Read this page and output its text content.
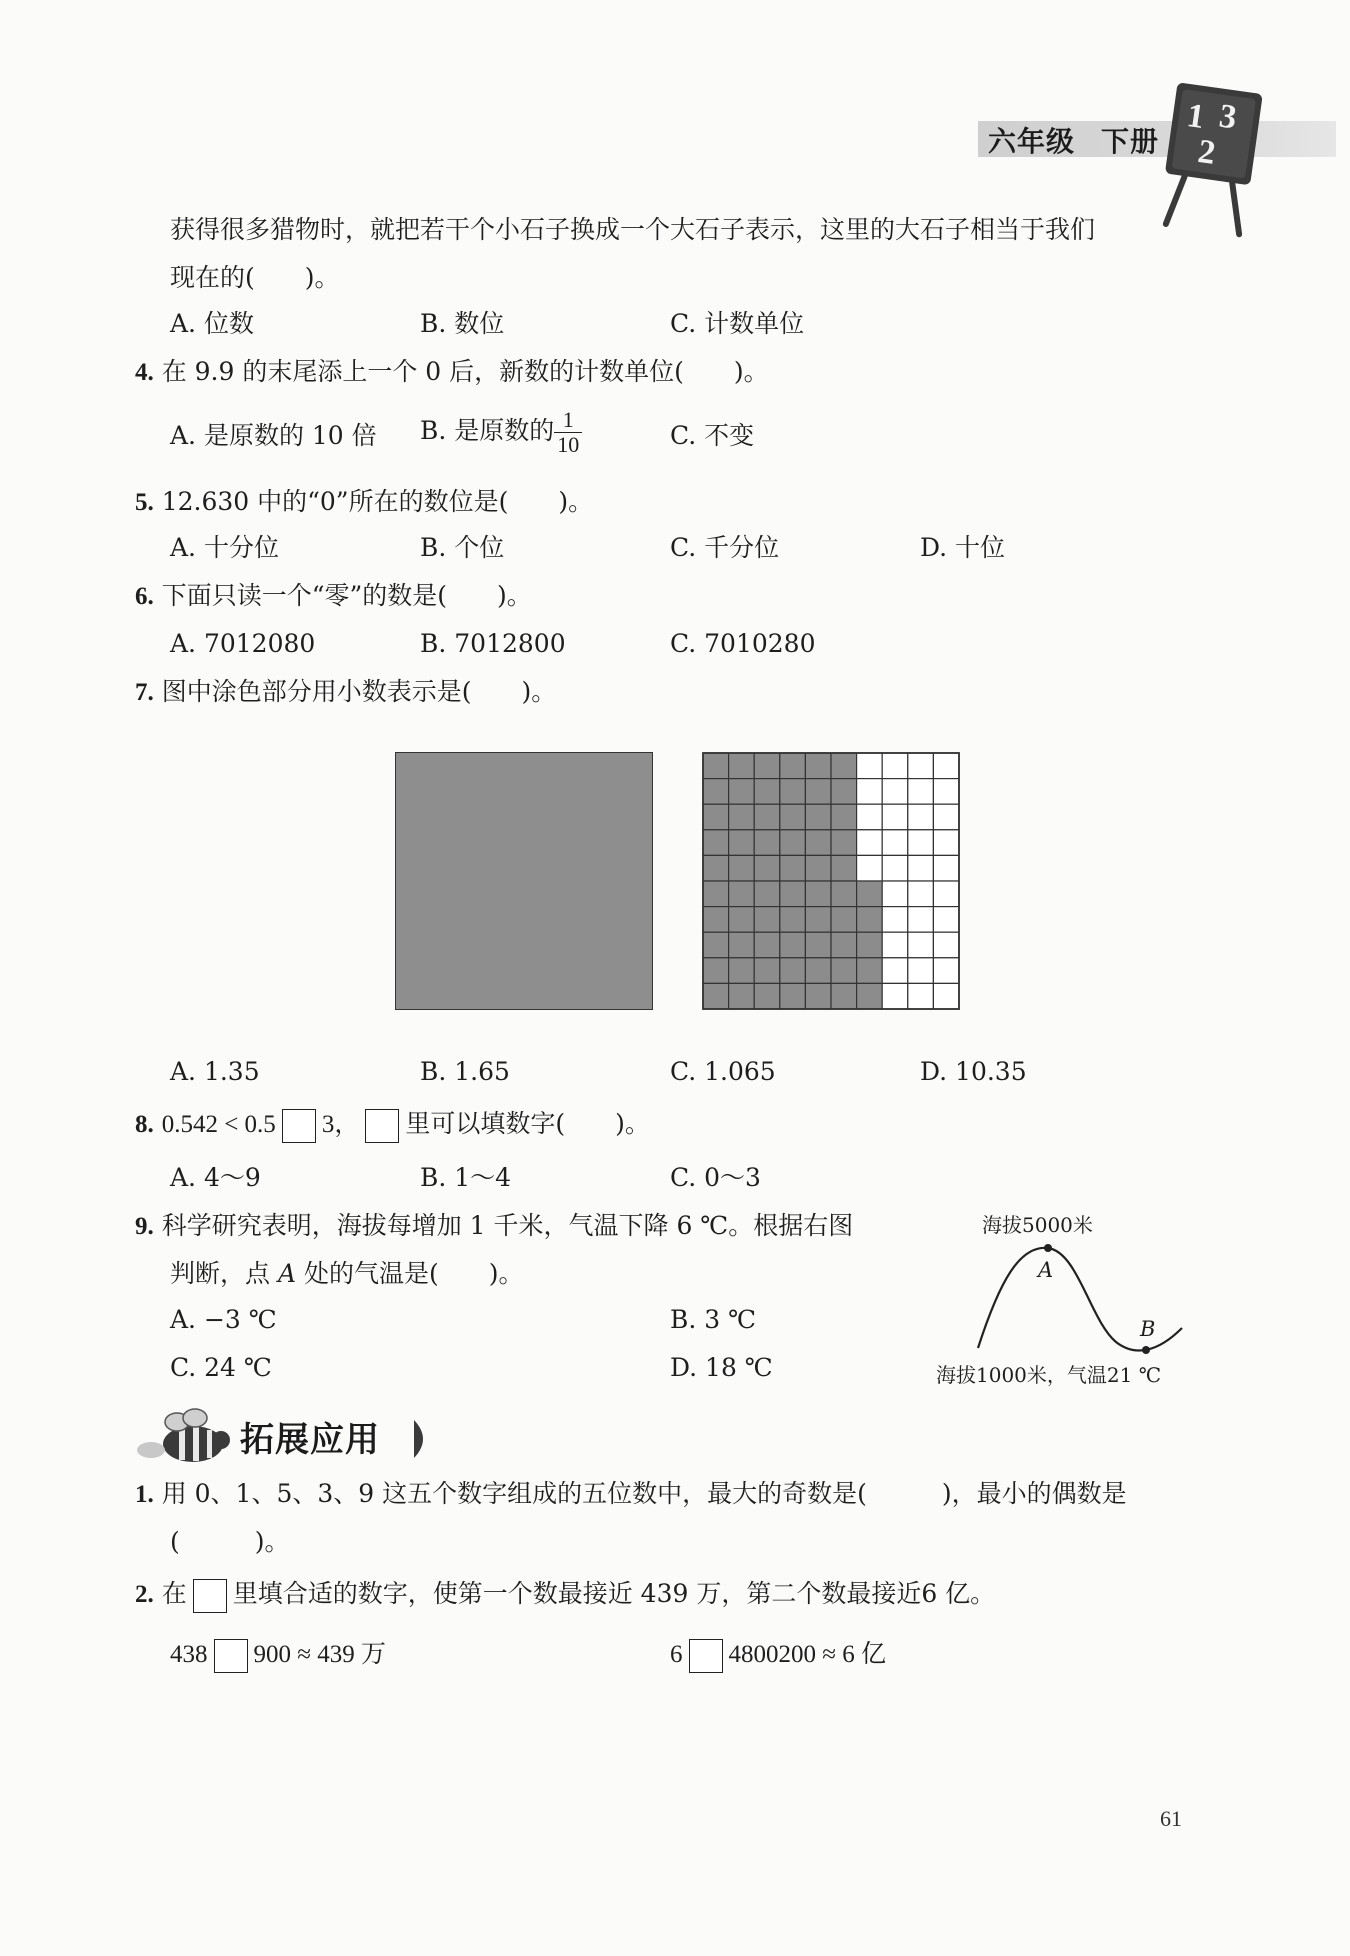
六年级 下册
1 3
2
获得很多猎物时，就把若干个小石子换成一个大石子表示，这里的大石子相当于我们
现在的(　　)。
A. 位数	B. 数位	C. 计数单位
4. 在 9.9 的末尾添上一个 0 后，新数的计数单位(　　)。
A. 是原数的 10 倍 B. 是原数的 $\frac{1}{10}$	C. 不变
5. 12.630 中的“0”所在的数位是(　　)。
A. 十分位	B. 个位	C. 千分位	D. 十位
6. 下面只读一个“零”的数是(　　)。
A. 7012080	B. 7012800	C. 7010280
7. 图中涂色部分用小数表示是(　　)。
A. 1.35	B. 1.65	C. 1.065	D. 10.35
8. 0.542 < 0.5 3， 里可以填数字(　　)。
A. 4～9	B. 1～4	C. 0～3
9. 科学研究表明，海拔每增加 1 千米，气温下降 6 ℃。根据右图
判断，点 A 处的气温是(　　)。
A. −3 ℃	B. 3 ℃
C. 24 ℃	D. 18 ℃
海拔5000米
A
B
海拔1000米，气温21 ℃
拓展应用
1. 用 0、1、5、3、9 这五个数字组成的五位数中，最大的奇数是(　　　)，最小的偶数是
(　　　)。
2. 在 里填合适的数字，使第一个数最接近 439 万，第二个数最接近6 亿。
438 900 ≈ 439 万	6 4800200 ≈ 6 亿
61
